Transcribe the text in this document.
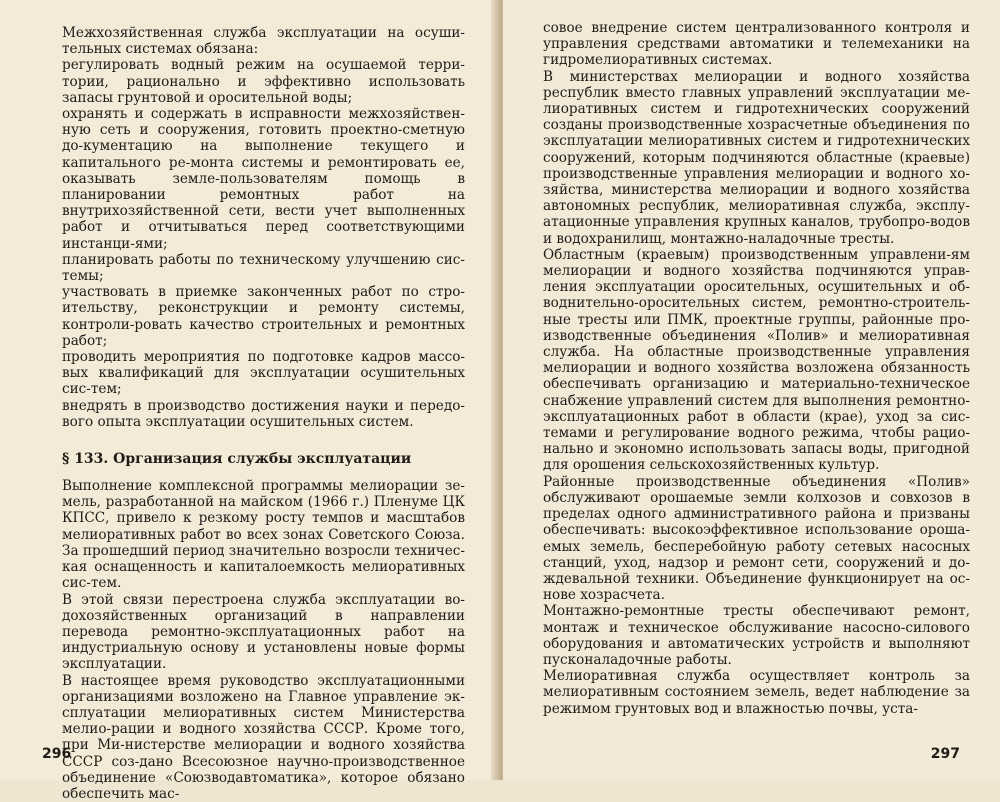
Межхозяйственная служба эксплуатации на осуши-тельных системах обязана:

регулировать водный режим на осушаемой терри-тории, рационально и эффективно использовать запасы грунтовой и оросительной воды;

охранять и содержать в исправности межхозяйствен-ную сеть и сооружения, готовить проектно-сметную до-кументацию на выполнение текущего и капитального ре-монта системы и ремонтировать ее, оказывать земле-пользователям помощь в планировании ремонтных работ на внутрихозяйственной сети, вести учет выполненных работ и отчитываться перед соответствующими инстанци-ями;

планировать работы по техническому улучшению сис-темы;

участвовать в приемке законченных работ по стро-ительству, реконструкции и ремонту системы, контроли-ровать качество строительных и ремонтных работ;

проводить мероприятия по подготовке кадров массо-вых квалификаций для эксплуатации осушительных сис-тем;

внедрять в производство достижения науки и передо-вого опыта эксплуатации осушительных систем.

§ 133. Организация службы эксплуатации

Выполнение комплексной программы мелиорации зе-мель, разработанной на майском (1966 г.) Пленуме ЦК КПСС, привело к резкому росту темпов и масштабов мелиоративных работ во всех зонах Советского Союза. За прошедший период значительно возросли техничес-кая оснащенность и капиталоемкость мелиоративных сис-тем.

В этой связи перестроена служба эксплуатации во-дохозяйственных организаций в направлении перевода ремонтно-эксплуатационных работ на индустриальную основу и установлены новые формы эксплуатации.

В настоящее время руководство эксплуатационными организациями возложено на Главное управление эк-сплуатации мелиоративных систем Министерства мелио-рации и водного хозяйства СССР. Кроме того, при Ми-нистерстве мелиорации и водного хозяйства СССР соз-дано Всесоюзное научно-производственное объединение «Союзводавтоматика», которое обязано обеспечить мас-

296

совое внедрение систем централизованного контроля и управления средствами автоматики и телемеханики на гидромелиоративных системах.

В министерствах мелиорации и водного хозяйства республик вместо главных управлений эксплуатации ме-лиоративных систем и гидротехнических сооружений созданы производственные хозрасчетные объединения по эксплуатации мелиоративных систем и гидротехнических сооружений, которым подчиняются областные (краевые) производственные управления мелиорации и водного хо-зяйства, министерства мелиорации и водного хозяйства автономных республик, мелиоративная служба, эксплу-атационные управления крупных каналов, трубопро-водов и водохранилищ, монтажно-наладочные тресты.

Областным (краевым) производственным управлени-ям мелиорации и водного хозяйства подчиняются управ-ления эксплуатации оросительных, осушительных и об-воднительно-оросительных систем, ремонтно-строитель-ные тресты или ПМК, проектные группы, районные про-изводственные объединения «Полив» и мелиоративная служба. На областные производственные управления мелиорации и водного хозяйства возложена обязанность обеспечивать организацию и материально-техническое снабжение управлений систем для выполнения ремонтно-эксплуатационных работ в области (крае), уход за сис-темами и регулирование водного режима, чтобы рацио-нально и экономно использовать запасы воды, пригодной для орошения сельскохозяйственных культур.

Районные производственные объединения «Полив» обслуживают орошаемые земли колхозов и совхозов в пределах одного административного района и призваны обеспечивать: высокоэффективное использование ороша-емых земель, бесперебойную работу сетевых насосных станций, уход, надзор и ремонт сети, сооружений и до-ждевальной техники. Объединение функционирует на ос-нове хозрасчета.

Монтажно-ремонтные тресты обеспечивают ремонт, монтаж и техническое обслуживание насосно-силового оборудования и автоматических устройств и выполняют пусконаладочные работы.

Мелиоративная служба осуществляет контроль за мелиоративным состоянием земель, ведет наблюдение за режимом грунтовых вод и влажностью почвы, уста-

297
